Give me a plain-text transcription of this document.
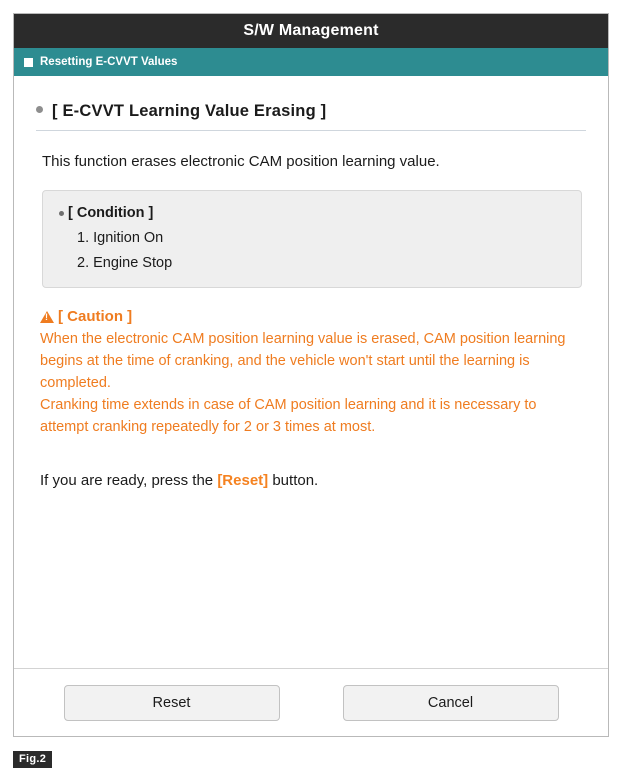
S/W Management
Resetting E-CVVT Values
[ E-CVVT Learning Value Erasing ]
This function erases electronic CAM position learning value.
[ Condition ]
1. Ignition On
2. Engine Stop
!
[ Caution ]
When the electronic CAM position learning value is erased, CAM position learning begins at the time of cranking, and the vehicle won't start until the learning is completed.
Cranking time extends in case of CAM position learning and it is necessary to attempt cranking repeatedly for 2 or 3 times at most.
If you are ready, press the [Reset] button.
Reset	Cancel
Fig.2
